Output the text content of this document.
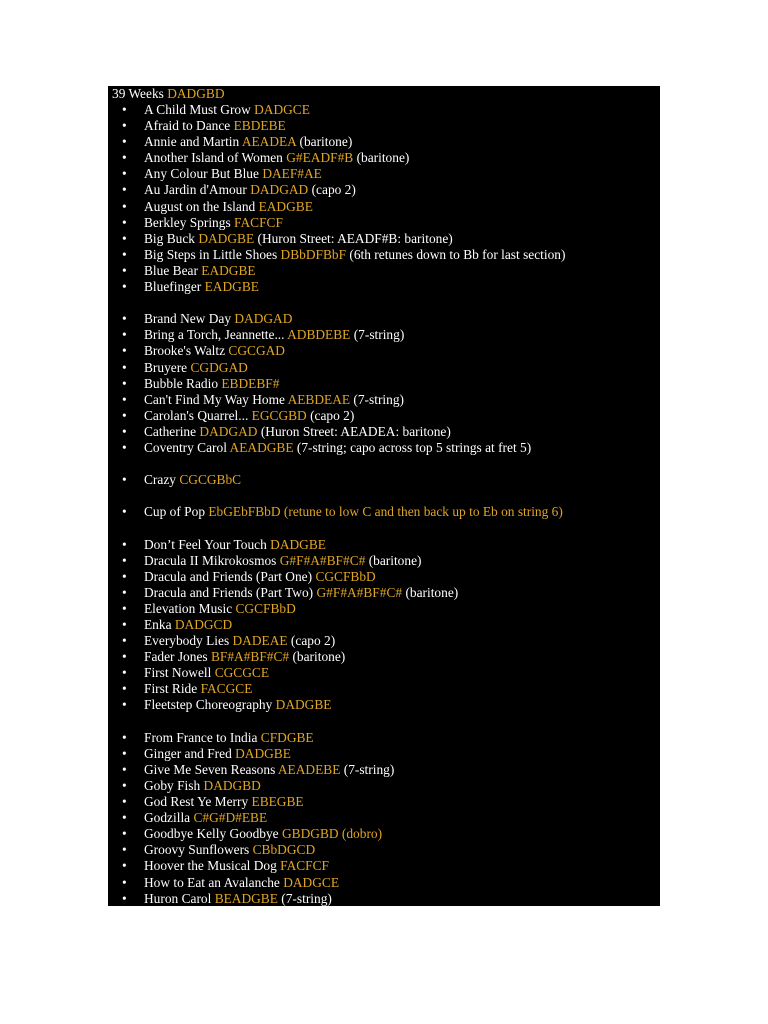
39 Weeks DADGBD
• A Child Must Grow DADGCE
• Afraid to Dance EBDEBE
• Annie and Martin AEADEA (baritone)
• Another Island of Women G#EADF#B (baritone)
• Any Colour But Blue DAEF#AE
• Au Jardin d'Amour DADGAD (capo 2)
• August on the Island EADGBE
• Berkley Springs FACFCF
• Big Buck DADGBE (Huron Street: AEADF#B: baritone)
• Big Steps in Little Shoes DBbDFBbF (6th retunes down to Bb for last section)
• Blue Bear EADGBE
• Bluefinger EADGBE
• Brand New Day DADGAD
• Bring a Torch, Jeannette... ADBDEBE (7-string)
• Brooke's Waltz CGCGAD
• Bruyere CGDGAD
• Bubble Radio EBDEBF#
• Can't Find My Way Home AEBDEAE (7-string)
• Carolan's Quarrel... EGCGBD (capo 2)
• Catherine DADGAD (Huron Street: AEADEA: baritone)
• Coventry Carol AEADGBE (7-string; capo across top 5 strings at fret 5)
• Crazy CGCGBbC
• Cup of Pop EbGEbFBbD (retune to low C and then back up to Eb on string 6)
• Don’t Feel Your Touch DADGBE
• Dracula II Mikrokosmos G#F#A#BF#C# (baritone)
• Dracula and Friends (Part One) CGCFBbD
• Dracula and Friends (Part Two) G#F#A#BF#C# (baritone)
• Elevation Music CGCFBbD
• Enka DADGCD
• Everybody Lies DADEAE (capo 2)
• Fader Jones BF#A#BF#C# (baritone)
• First Nowell CGCGCE
• First Ride FACGCE
• Fleetstep Choreography DADGBE
• From France to India CFDGBE
• Ginger and Fred DADGBE
• Give Me Seven Reasons AEADEBE (7-string)
• Goby Fish DADGBD
• God Rest Ye Merry EBEGBE
• Godzilla C#G#D#EBE
• Goodbye Kelly Goodbye GBDGBD (dobro)
• Groovy Sunflowers CBbDGCD
• Hoover the Musical Dog FACFCF
• How to Eat an Avalanche DADGCE
• Huron Carol BEADGBE (7-string)
